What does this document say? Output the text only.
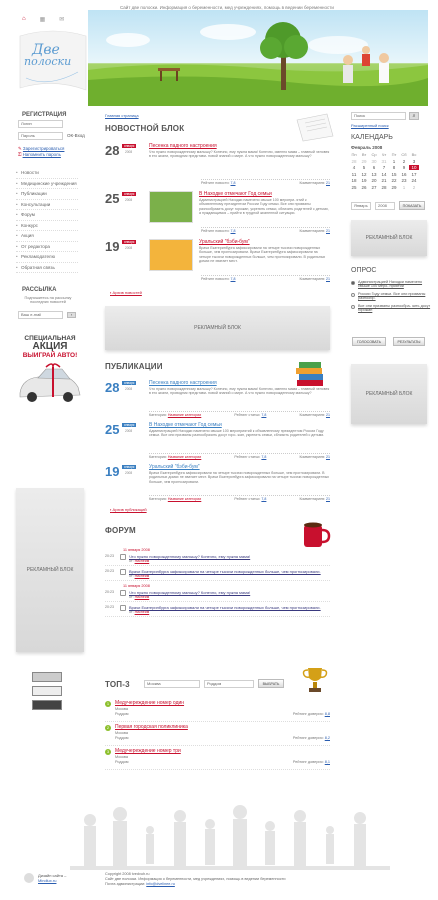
⌂ ▦ ✉
Сайт две полоски. Информация о беременности, мед учреждениях, помощь в ведении беременности
Две
полоски
РЕГИСТРАЦИЯ
Логин
Пароль	ОК-Вход
✎ Зарегистрироваться
⚿ Напомнить пароль
• Новости
• Медицинские учреждения
• Публикации
• Консультации
• Форум
• Конкурс
• Акция
• От редактора
• Рекламодателю
• Обратная связь
РАССЫЛКА
Подпишитесь на рассылку последних новостей
Ваш e-mail	›
СПЕЦИАЛЬНАЯ
АКЦИЯ
ВЫИГРАЙ АВТО!
РЕКЛАМНЫЙ БЛОК
Главная страница
НОВОСТНОЙ БЛОК
28	января
2008
Песенка падного настроения
Что нужно новорожденному малышу? Конечно, ему нужна мама! Конечно, именно мама – главный человек в его жизни, проводник представи- новой знаний о мире. А что нужно новорожденному малышу?
Рейтинг новости: 7,8	Комментариев: 21
25	января
2008
В Находке отмечают Год семьи
Администрацией Находки намечено свыше 100 меропри- ятий к объявленному президентом России Году семьи. Все они призваны разнообразить досуг горожан, укрепить семьи, сблизить родителей с детьми, а нуждающимся – прийти в трудной жизненной ситуации.
Рейтинг новости: 7,8	Комментариев: 21
19	января
2008
Уральский "бэби-бум"
Врачи Екатеринбурга зафиксировали на четыре тысячи новорожденных больше, чем прогнозировали. Врачи Екатеринбурга зафиксировали на четыре тысячи новорожденных больше, чем прогнозировали. В родильных домах не хватает мест.
Рейтинг новости: 7,8	Комментариев: 21
▪ Архив новостей
РЕКЛАМНЫЙ БЛОК
ПУБЛИКАЦИИ
28	января
2008
Песенка падного настроения
Что нужно новорожденному малышу? Конечно, ему нужна мама! Конечно, именно мама – главный человек в его жизни, проводник представи- новой знаний о мире. А что нужно новорожденному малышу?
Категория: Название категории	Рейтинг статьи: 7,8	Комментариев: 21
25	января
2008
В Находке отмечают Год семьи
Администрацией Находки намечено свыше 100 мероприятий к объявленному президентом России Году семьи. Все они призваны разнообразить досуг горо- жан, укрепить семьи, сблизить родителей с детьми.
Категория: Название категории	Рейтинг статьи: 7,8	Комментариев: 21
19	января
2008
Уральский "бэби-бум"
Врачи Екатеринбурга зафиксировали на четыре тысячи новорожденных больше, чем прогнозировали. В родильных домах не хватает мест. Врачи Екатеринбурга зафиксировали на четыре тысячи новорожденных больше, чем прогнозировали.
Категория: Название категории	Рейтинг статьи: 7,8	Комментариев: 21
▪ Архив публикаций
ФОРУМ
11 января 2008
20:23	Что нужно новорожденному малышу? Конечно, ему нужна мама!
от: Никнейм
20:23	Врачи Екатеринбурга зафиксировали на четыре тысячи новорожденных больше, чем прогнозировали.
от: Никнейм
11 января 2008
20:23	Что нужно новорожденному малышу? Конечно, ему нужна мама!
от: Никнейм
20:23	Врачи Екатеринбурга зафиксировали на четыре тысячи новорожденных больше, чем прогнозировали.
от: Никнейм
ТОП-3	Москва	Роддом	ВЫБРАТЬ
1	Медучереждение номер один
Москва
Роддом	Рейтинг доверия: 8,8
2	Первая городская поликлиника
Москва
Роддом	Рейтинг доверия: 8,2
3	Медучереждение номер три
Москва
Роддом	Рейтинг доверия: 8,1
Поиск	⌕
Расширенный поиск
КАЛЕНДАРЬ
Февраль 2008
Пн	Вт	Ср	Чт	Пт	Сб	Вс
28	29	30	31	1	2	3
4	5	6	7	8	9	10
11	12	13	14	15	16	17
18	19	20	21	22	23	24
25	26	27	28	29	1	2
Январь	2008	ПОКАЗАТЬ
РЕКЛАМНЫЙ БЛОК
ОПРОС
Администрацией Находки намечено свыше 100 меро- приятий
России Году семьи. Все они призваны разнообр.
Все они призваны разнообра- зить досуг горожан
ГОЛОСОВАТЬ	РЕЗУЛЬТАТЫ
РЕКЛАМНЫЙ БЛОК
Дизайн сайта –
Mindlux.ru
Copyright 2008 tvedvuh.ru
Сайт две полоски. Информация о беременности, мед учреждениях, помощь в ведении беременности
Почта администрации: info@dvelinee.ru
